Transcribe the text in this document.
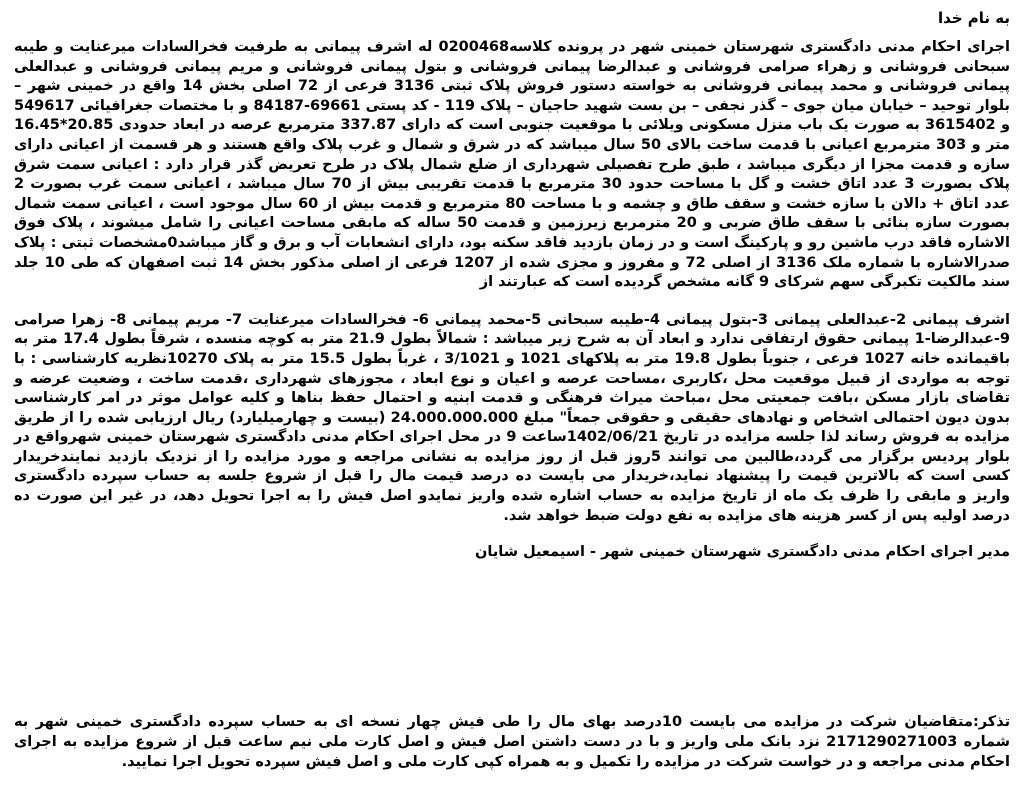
به نام خدا

اجرای احکام مدنی دادگستری شهرستان خمینی شهر در پرونده کلاسه0200468 له اشرف پیمانی به طرفیت فخرالسادات میرعنایت و طیبه سبحانی فروشانی و زهراء صرامی فروشانی و عبدالرضا پیمانی فروشانی و بتول پیمانی فروشانی و مریم پیمانی فروشانی و عبدالعلی پیمانی فروشانی و محمد پیمانی فروشانی به خواسته دستور فروش پلاک ثبتی 3136 فرعی از 72 اصلی بخش 14 واقع در خمینی شهر – بلوار توحید – خیابان میان جوی – گذر نجفی – بن بست شهید حاجیان – پلاک 119 - کد پستی 69661-84187 و با مختصات جغرافیائی 549617 و 3615402 به صورت یک باب منزل مسکونی ویلائی با موقعیت جنوبی است که دارای 337.87 مترمربع عرصه در ابعاد حدودی 20.85*16.45 متر و 303 مترمربع اعیانی با قدمت ساخت بالای 50 سال میباشد که در شرق و شمال و غرب پلاک واقع هستند و هر قسمت از اعیانی دارای سازه و قدمت مجزا از دیگری میباشد ، طبق طرح تفصیلی شهرداری از ضلع شمال پلاک در طرح تعریض گذر قرار دارد : اعیانی سمت شرق پلاک بصورت 3 عدد اتاق خشت و گل با مساحت حدود 30 مترمربع با قدمت تقریبی بیش از 70 سال میباشد ، اعیانی سمت غرب بصورت 2 عدد اتاق + دالان با سازه خشت و سقف طاق و چشمه و با مساحت 80 مترمربع و قدمت بیش از 60 سال موجود است ، اعیانی سمت شمال بصورت سازه بنائی با سقف طاق ضربی و 20 مترمربع زیرزمین و قدمت 50 ساله که مابقی مساحت اعیانی را شامل میشوند ، پلاک فوق الاشاره فاقد درب ماشین رو و پارکینگ است و در زمان بازدید فاقد سکنه بود، دارای انشعابات آب و برق و گاز میباشد0مشخصات ثبتی : پلاک صدرالاشاره با شماره ملک 3136 از اصلی 72 و مفروز و مجزی شده از 1207 فرعی از اصلی مذکور بخش 14 ثبت اصفهان که طی 10 جلد سند مالکیت تکبرگی سهم شرکای 9 گانه مشخص گردیده است که عبارتند از

اشرف پیمانی 2-عبدالعلی پیمانی 3-بتول پیمانی 4-طیبه سبحانی 5-محمد پیمانی 6- فخرالسادات میرعنایت 7- مریم پیمانی 8- زهرا صرامی 9-عبدالرضا-1 پیمانی حقوق ارتفاقی ندارد و ابعاد آن به شرح زیر میباشد : شمالاً بطول 21.9 متر به کوچه منسده ، شرقاً بطول 17.4 متر به باقیمانده خانه 1027 فرعی ، جنوباً بطول 19.8 متر به پلاکهای 1021 و 3/1021 ، غرباً بطول 15.5 متر به پلاک 10270نظریه کارشناسی : با توجه به مواردی از قبیل موقعیت محل ،کاربری ،مساحت عرصه و اعیان و نوع ابعاد ، مجوزهای شهرداری ،قدمت ساخت ، وضعیت عرضه و تقاضای بازار مسکن ،بافت جمعیتی محل ،مباحث میراث فرهنگی و قدمت ابنیه و احتمال حفظ بناها و کلیه عوامل موثر در امر کارشناسی بدون دیون احتمالی اشخاص و نهادهای حقیقی و حقوقی جمعاً" مبلغ 24.000.000.000 (بیست و چهارمیلیارد) ریال ارزیابی شده را از طریق مزایده به فروش رساند لذا جلسه مزایده در تاریخ 1402/06/21ساعت 9 در محل اجرای احکام مدنی دادگستری شهرستان خمینی شهرواقع در بلوار پردیس برگزار می گردد،طالبین می توانند 5روز قبل از روز مزایده به نشانی مراجعه و مورد مزایده را از نزدیک بازدید نمایندخریدار کسی است که بالاترین قیمت را پیشنهاد نماید،خریدار می بایست ده درصد قیمت مال را قبل از شروع جلسه به حساب سپرده دادگستری واریز و مابقی را ظرف یک ماه از تاریخ مزایده به حساب اشاره شده واریز نمایدو اصل فیش را به اجرا تحویل دهد، در غیر این صورت ده درصد اولیه پس از کسر هزینه های مزایده به نفع دولت ضبط خواهد شد.

مدیر اجرای احکام مدنی دادگستری شهرستان خمینی شهر - اسیمعیل شایان
تذکر:متقاضیان شرکت در مزایده می بایست 10درصد بهای مال را طی فیش چهار نسخه ای به حساب سپرده دادگستری خمینی شهر به شماره 2171290271003 نزد بانک ملی واریز و با در دست داشتن اصل فیش و اصل کارت ملی نیم ساعت قبل از شروع مزایده به اجرای احکام مدنی مراجعه و در خواست شرکت در مزایده را تکمیل و به همراه کپی کارت ملی و اصل فیش سپرده تحویل اجرا نمایید.
